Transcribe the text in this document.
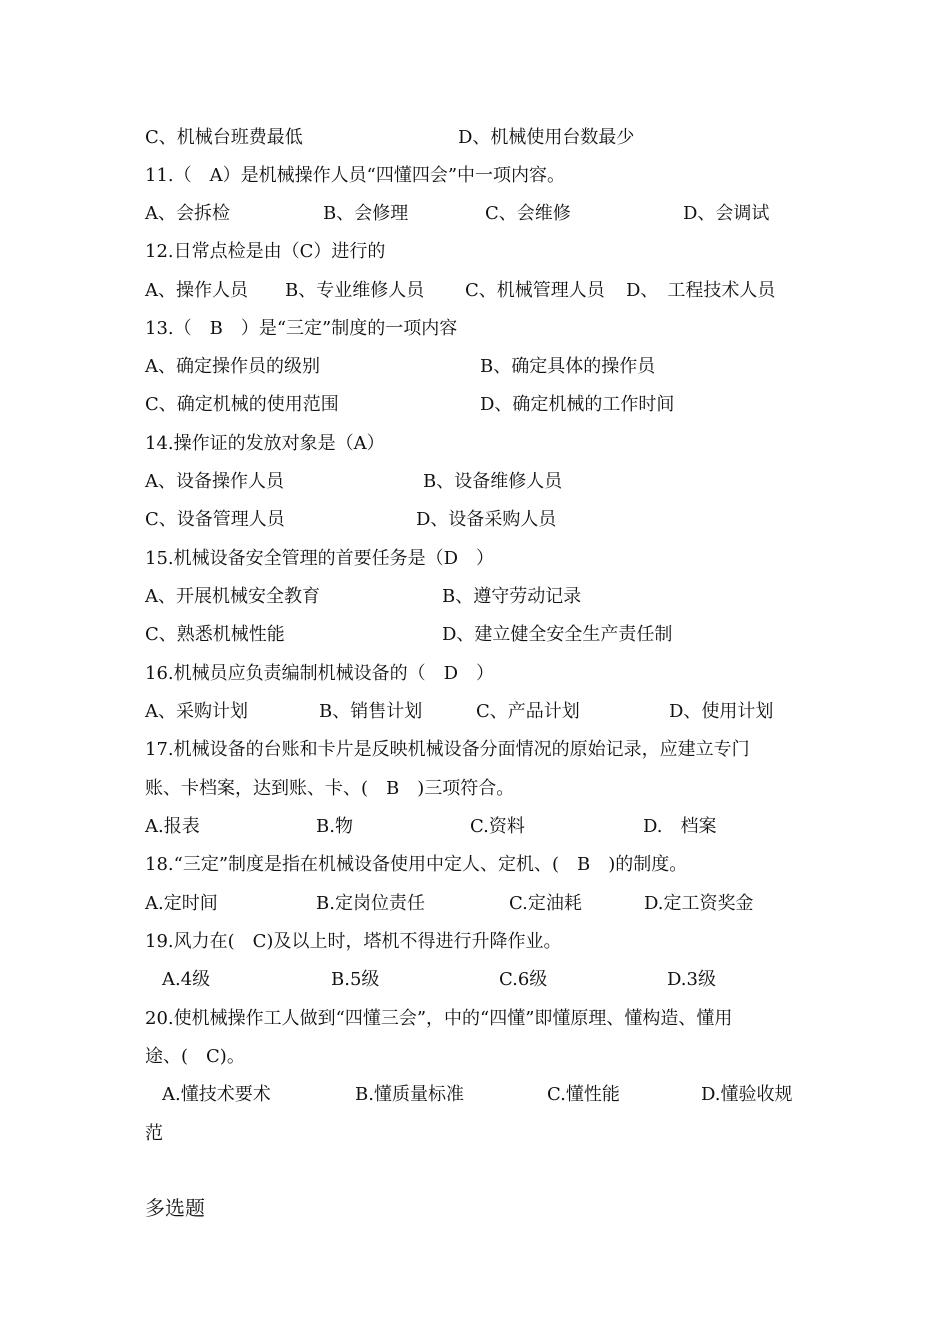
C、机械台班费最低	D、机械使用台数最少
11.（　A）是机械操作人员“四懂四会”中一项内容。
A、会拆检	B、会修理	C、会维修	D、会调试
12.日常点检是由（C）进行的
A、操作人员 B、专业维修人员 C、机械管理人员 D、　工程技术人员
13.（　B　）是“三定”制度的一项内容
A、确定操作员的级别	B、确定具体的操作员
C、确定机械的使用范围	D、确定机械的工作时间
14.操作证的发放对象是（A）
A、设备操作人员	B、设备维修人员
C、设备管理人员	D、设备采购人员
15.机械设备安全管理的首要任务是（D　）
A、开展机械安全教育	B、遵守劳动记录
C、熟悉机械性能	D、建立健全安全生产责任制
16.机械员应负责编制机械设备的（　D　）
A、采购计划	B、销售计划	C、产品计划	D、使用计划
17.机械设备的台账和卡片是反映机械设备分面情况的原始记录，应建立专门
账、卡档案，达到账、卡、(　B　)三项符合。
A.报表	B.物	C.资料	D.　档案
18.“三定”制度是指在机械设备使用中定人、定机、(　B　)的制度。
A.定时间	B.定岗位责任	C.定油耗	D.定工资奖金
19.风力在(　C)及以上时，塔机不得进行升降作业。
A.4级	B.5级	C.6级	D.3级
20.使机械操作工人做到“四懂三会”，中的“四懂”即懂原理、懂构造、懂用
途、(　C)。
A.懂技术要术	B.懂质量标准	C.懂性能	D.懂验收规
范
多选题
